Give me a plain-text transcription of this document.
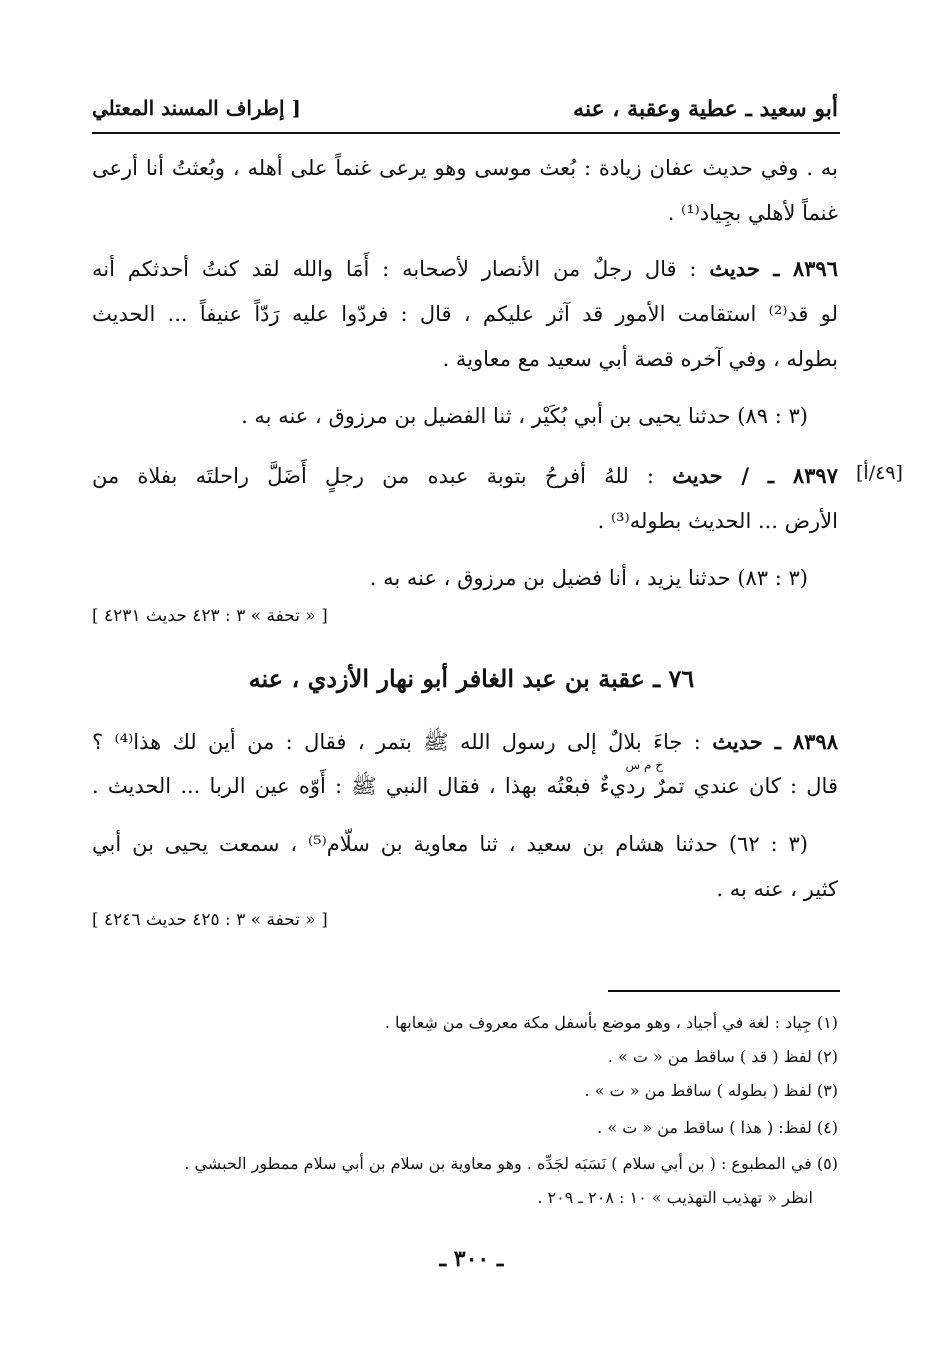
أبو سعيد ـ عطية وعقبة ، عنه
[ إطراف المسند المعتلي
به . وفي حديث عفان زيادة : بُعث موسى وهو يرعى غنماً على أهله ، وبُعثتُ أنا أرعى
غنماً لأهلي بجِياد⁽¹⁾ .
٨٣٩٦ ـ حديث : قال رجلٌ من الأنصار لأصحابه : أَمَا والله لقد كنتُ أحدثكم أنه
لو قد⁽²⁾ استقامت الأمور قد آثر عليكم ، قال : فردّوا عليه رَدّاً عنيفاً ... الحديث
بطوله ، وفي آخره قصة أبي سعيد مع معاوية .
(٣ : ٨٩) حدثنا يحيى بن أبي بُكَيْر ، ثنا الفضيل بن مرزوق ، عنه به .
[٤٩/أ]
٨٣٩٧ ـ / حديث : للهُ أفرحُ بتوبة عبده من رجلٍ أَضَلَّ راحلتَه بفلاة من
الأرض ... الحديث بطوله⁽³⁾ .
(٣ : ٨٣) حدثنا يزيد ، أنا فضيل بن مرزوق ، عنه به .
[ « تحفة » ٣ : ٤٢٣ حديث ٤٢٣١ ]
٧٦ ـ عقبة بن عبد الغافر أبو نهار الأزدي ، عنه
٨٣٩٨ ـ حديث : جاءَ بلالٌ إلى رسول الله ﷺ بتمر ، فقال : من أين لك هذا⁽⁴⁾ ؟
خ م س
قال : كان عندي تمرٌ رديءٌ فبعْتُه بهذا ، فقال النبي ﷺ : أَوّه عين الربا ... الحديث .
(٣ : ٦٢) حدثنا هشام بن سعيد ، ثنا معاوية بن سلّام⁽⁵⁾ ، سمعت يحيى بن أبي
كثير ، عنه به .
[ « تحفة » ٣ : ٤٢٥ حديث ٤٢٤٦ ]
(١) جِياد : لغة في أجياد ، وهو موضع بأسفل مكة معروف من شِعابها .
(٢) لفظ ( قد ) ساقط من « ت » .
(٣) لفظ ( بطوله ) ساقط من « ت » .
(٤) لفظ: ( هذا ) ساقط من « ت » .
(٥) في المطبوع : ( بن أبي سلام ) نَسَبَه لجَدِّه . وهو معاوية بن سلام بن أبي سلام ممطور الحبشي .
انظر « تهذيب التهذيب » ١٠ : ٢٠٨ ـ ٢٠٩ .
ـ ٣٠٠ ـ
